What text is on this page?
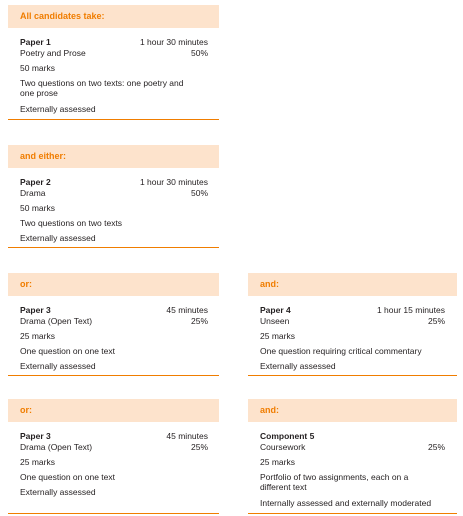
All candidates take:
Paper 1	1 hour 30 minutes
Poetry and Prose	50%
50 marks
Two questions on two texts: one poetry and one prose
Externally assessed
and either:
Paper 2	1 hour 30 minutes
Drama	50%
50 marks
Two questions on two texts
Externally assessed
or:
Paper 3	45 minutes
Drama (Open Text)	25%
25 marks
One question on one text
Externally assessed
and:
Paper 4	1 hour 15 minutes
Unseen	25%
25 marks
One question requiring critical commentary
Externally assessed
or:
Paper 3	45 minutes
Drama (Open Text)	25%
25 marks
One question on one text
Externally assessed
and:
Component 5
Coursework	25%
25 marks
Portfolio of two assignments, each on a different text
Internally assessed and externally moderated
